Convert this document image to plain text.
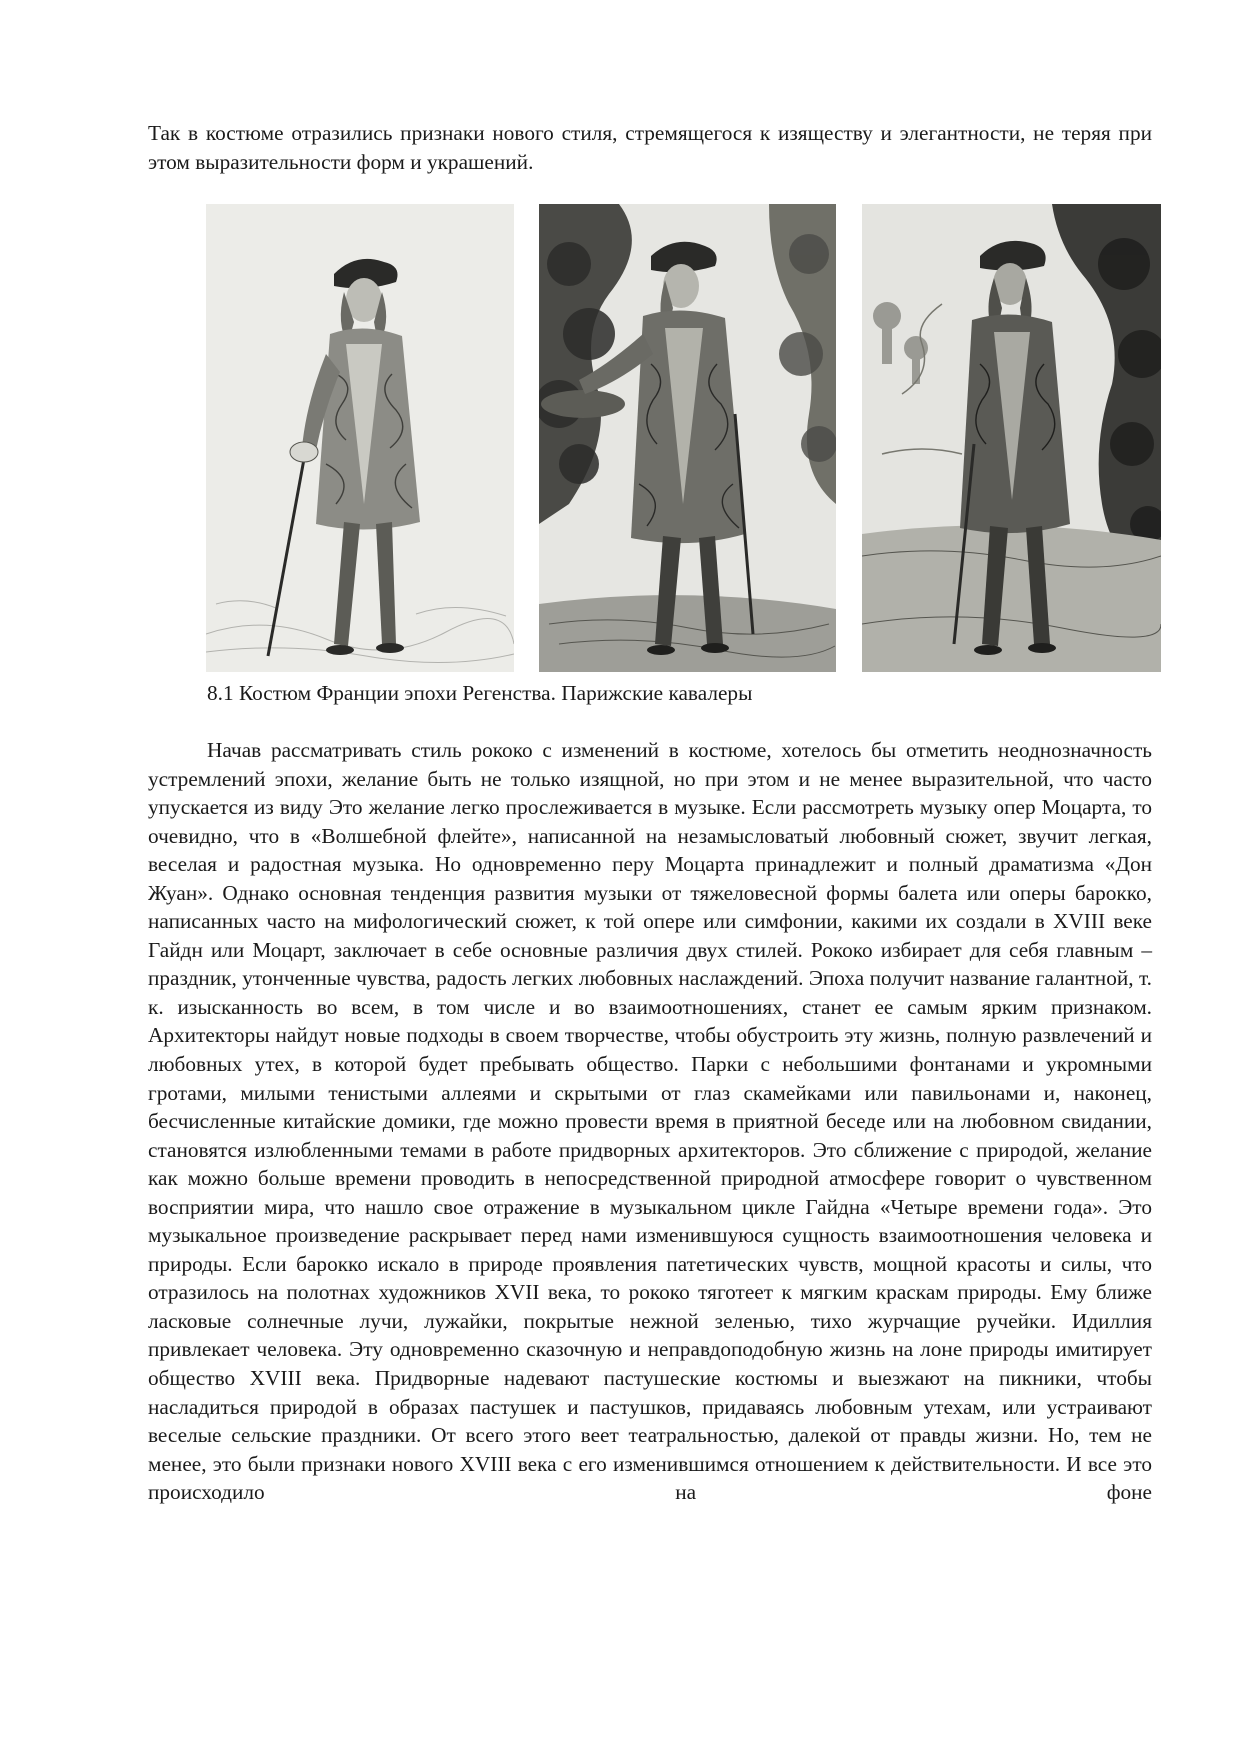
Так в костюме отразились признаки нового стиля, стремящегося к изяществу и элегантности, не теряя при этом выразительности форм и украшений.

8.1 Костюм Франции эпохи Регенства. Парижские кавалеры

Начав рассматривать стиль рококо с изменений в костюме, хотелось бы отметить неоднозначность устремлений эпохи, желание быть не только изящной, но при этом и не менее выразительной, что часто упускается из виду Это желание легко прослеживается в музыке. Если рассмотреть музыку опер Моцарта, то очевидно, что в «Волшебной флейте», написанной на незамысловатый любовный сюжет, звучит легкая, веселая и радостная музыка. Но одновременно перу Моцарта принадлежит и полный драматизма «Дон Жуан». Однако основная тенденция развития музыки от тяжеловесной формы балета или оперы барокко, написанных часто на мифологический сюжет, к той опере или симфонии, какими их создали в XVIII веке Гайдн или Моцарт, заключает в себе основные различия двух стилей. Рококо избирает для себя главным – праздник, утонченные чувства, радость легких любовных наслаждений. Эпоха получит название галантной, т. к. изысканность во всем, в том числе и во взаимоотношениях, станет ее самым ярким признаком. Архитекторы найдут новые подходы в своем творчестве, чтобы обустроить эту жизнь, полную развлечений и любовных утех, в которой будет пребывать общество. Парки с небольшими фонтанами и укромными гротами, милыми тенистыми аллеями и скрытыми от глаз скамейками или павильонами и, наконец, бесчисленные китайские домики, где можно провести время в приятной беседе или на любовном свидании, становятся излюбленными темами в работе придворных архитекторов. Это сближение с природой, желание как можно больше времени проводить в непосредственной природной атмосфере говорит о чувственном восприятии мира, что нашло свое отражение в музыкальном цикле Гайдна «Четыре времени года». Это музыкальное произведение раскрывает перед нами изменившуюся сущность взаимоотношения человека и природы. Если барокко искало в природе проявления патетических чувств, мощной красоты и силы, что отразилось на полотнах художников XVII века, то рококо тяготеет к мягким краскам природы. Ему ближе ласковые солнечные лучи, лужайки, покрытые нежной зеленью, тихо журчащие ручейки. Идиллия привлекает человека. Эту одновременно сказочную и неправдоподобную жизнь на лоне природы имитирует общество XVIII века. Придворные надевают пастушеские костюмы и выезжают на пикники, чтобы насладиться природой в образах пастушек и пастушков, придаваясь любовным утехам, или устраивают веселые сельские праздники. От всего этого веет театральностью, далекой от правды жизни. Но, тем не менее, это были признаки нового XVIII века с его изменившимся отношением к действительности. И все это происходило на фоне
